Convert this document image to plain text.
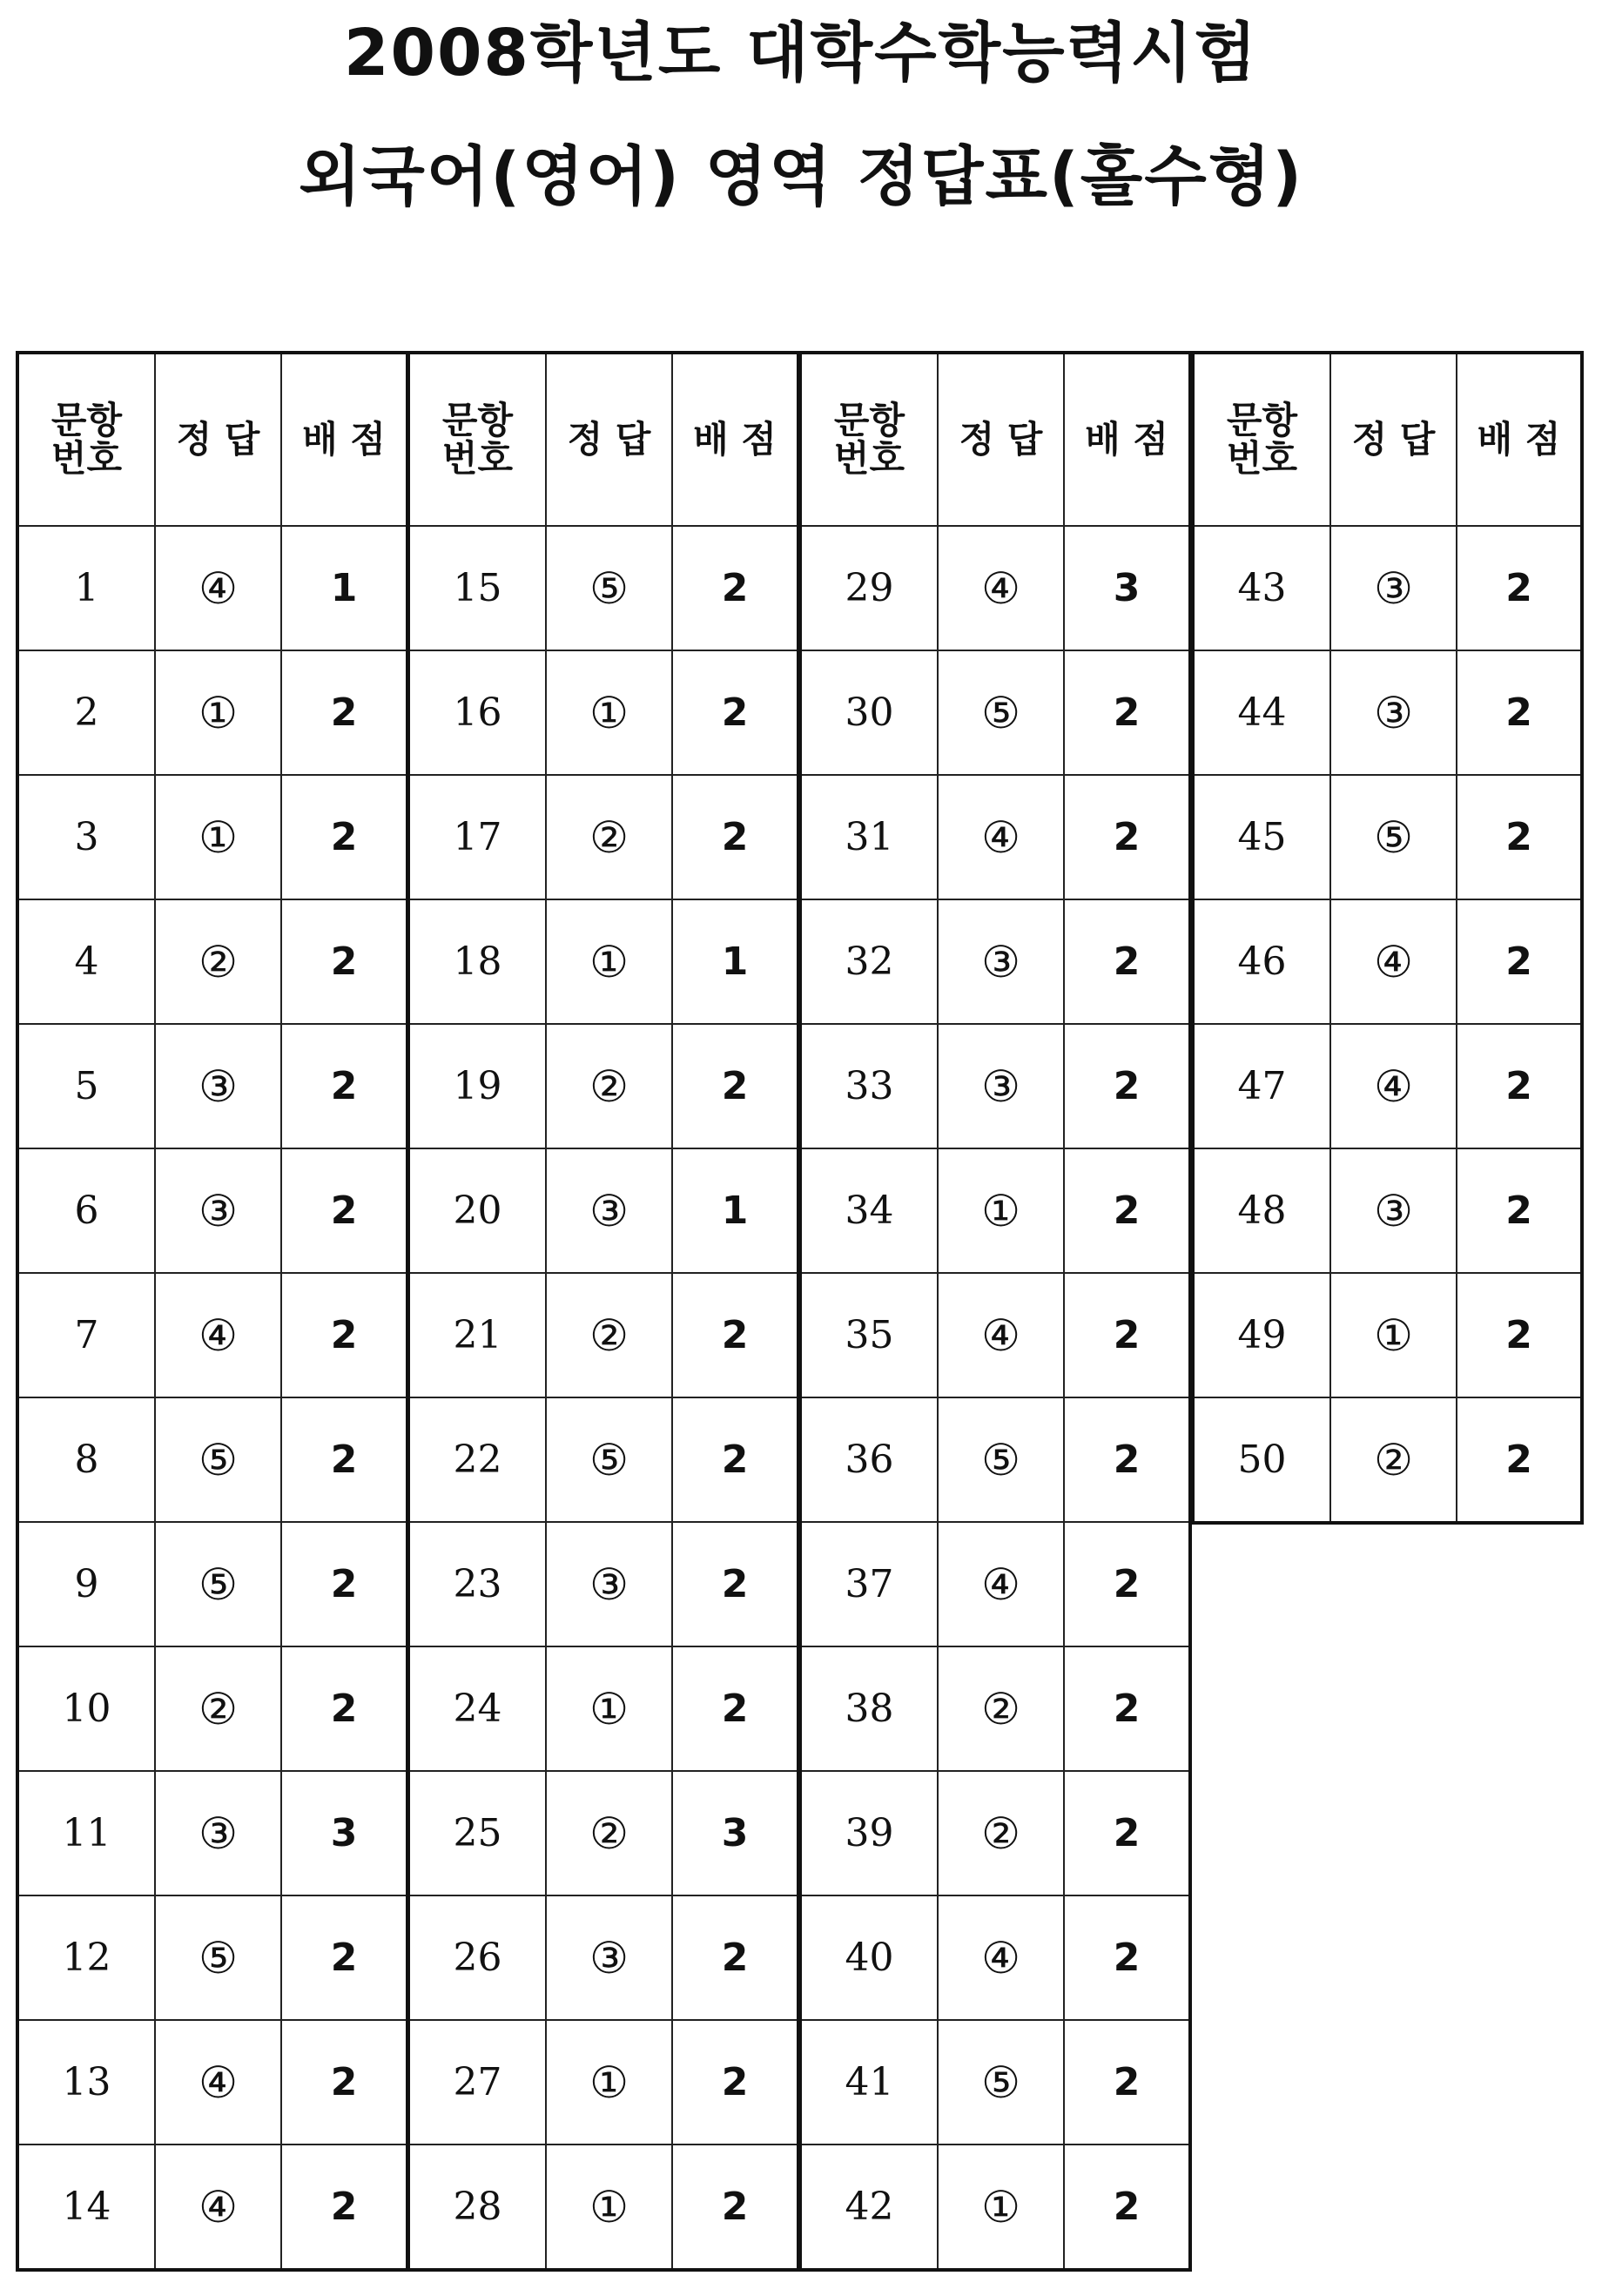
2008학년도 대학수학능력시험
외국어(영어) 영역 정답표(홀수형)
문항 번호	정 답	배 점
1	④	1
2	①	2
3	①	2
4	②	2
5	③	2
6	③	2
7	④	2
8	⑤	2
9	⑤	2
10	②	2
11	③	3
12	⑤	2
13	④	2
14	④	2
문항 번호	정 답	배 점
15	⑤	2
16	①	2
17	②	2
18	①	1
19	②	2
20	③	1
21	②	2
22	⑤	2
23	③	2
24	①	2
25	②	3
26	③	2
27	①	2
28	①	2
문항 번호	정 답	배 점
29	④	3
30	⑤	2
31	④	2
32	③	2
33	③	2
34	①	2
35	④	2
36	⑤	2
37	④	2
38	②	2
39	②	2
40	④	2
41	⑤	2
42	①	2
문항 번호	정 답	배 점
43	③	2
44	③	2
45	⑤	2
46	④	2
47	④	2
48	③	2
49	①	2
50	②	2
